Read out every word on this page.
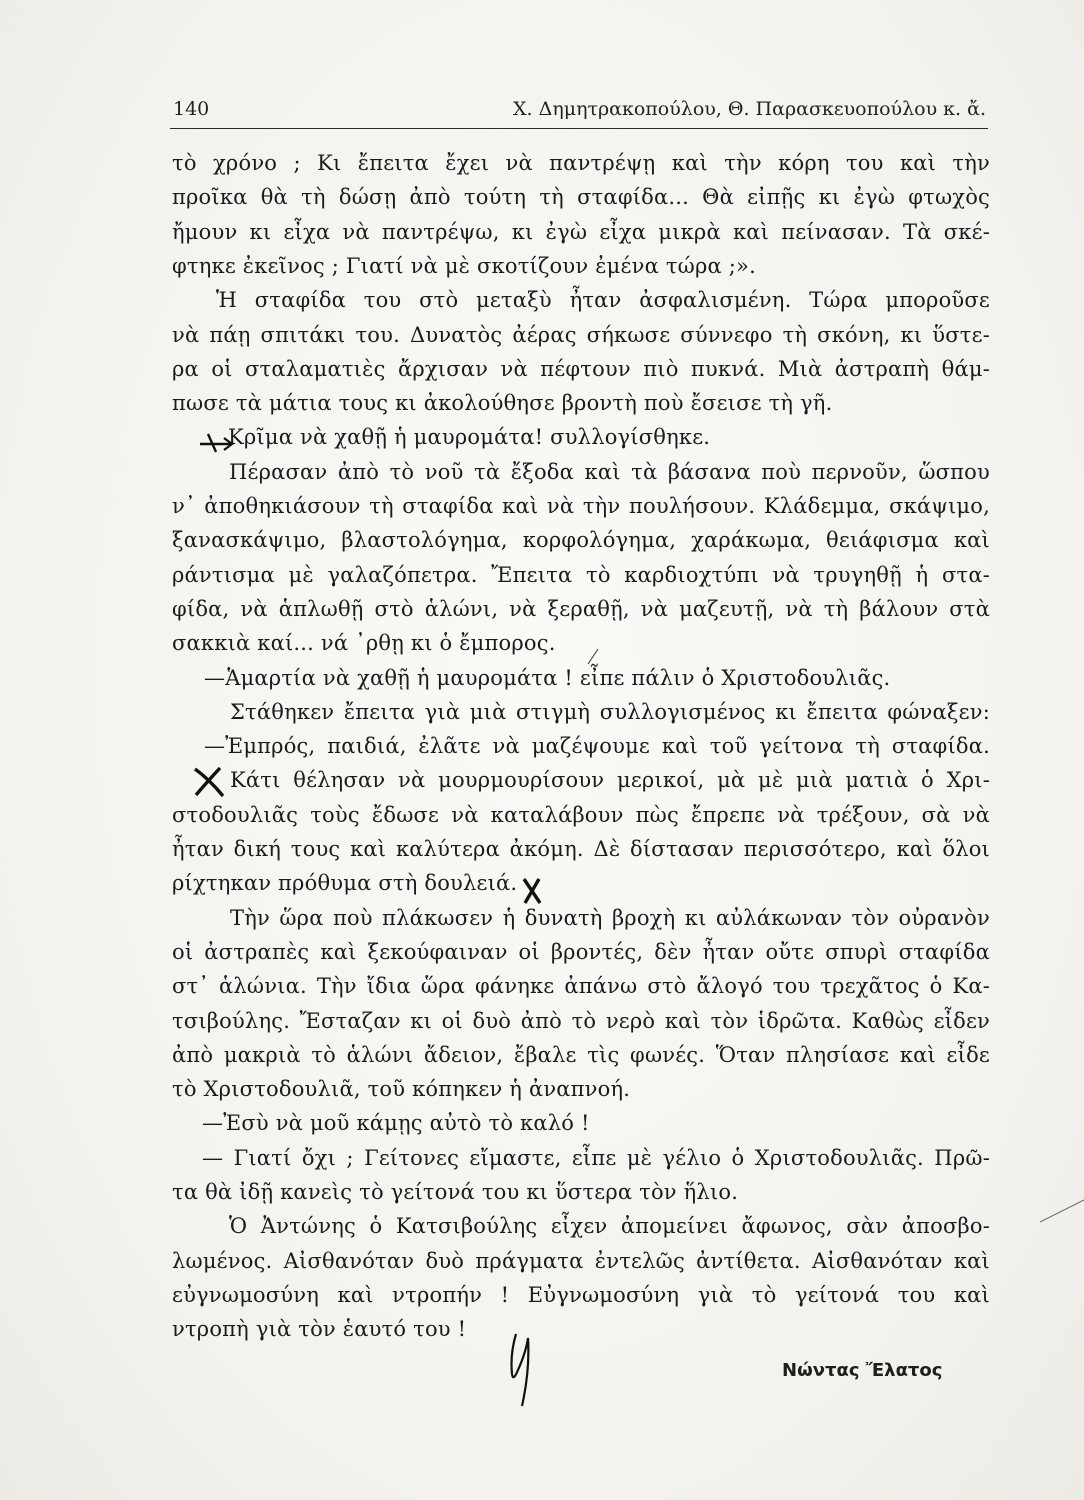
140	Χ. Δημητρακοπούλου, Θ. Παρασκευοπούλου κ. ἄ.
τὸ χρόνο ; Κι ἔπειτα ἔχει νὰ παντρέψῃ καὶ τὴν κόρη του καὶ τὴν
προῖκα θὰ τὴ δώσῃ ἀπὸ τούτη τὴ σταφίδα... Θὰ εἰπῇς κι ἐγὼ φτωχὸς
ἤμουν κι εἶχα νὰ παντρέψω, κι ἐγὼ εἶχα μικρὰ καὶ πείνασαν. Τὰ σκέ-
φτηκε ἐκεῖνος ; Γιατί νὰ μὲ σκοτίζουν ἐμένα τώρα ;».
Ἡ σταφίδα του στὸ μεταξὺ ἦταν ἀσφαλισμένη. Τώρα μποροῦσε
νὰ πάῃ σπιτάκι του. Δυνατὸς ἀέρας σήκωσε σύννεφο τὴ σκόνη, κι ὕστε-
ρα οἱ σταλαματιὲς ἄρχισαν νὰ πέφτουν πιὸ πυκνά. Μιὰ ἀστραπὴ θάμ-
πωσε τὰ μάτια τους κι ἀκολούθησε βροντὴ ποὺ ἔσεισε τὴ γῆ.
Κρῖμα νὰ χαθῇ ἡ μαυρομάτα! συλλογίσθηκε.
Πέρασαν ἀπὸ τὸ νοῦ τὰ ἔξοδα καὶ τὰ βάσανα ποὺ περνοῦν, ὥσπου
ν᾽ ἀποθηκιάσουν τὴ σταφίδα καὶ νὰ τὴν πουλήσουν. Κλάδεμμα, σκάψιμο,
ξανασκάψιμο, βλαστολόγημα, κορφολόγημα, χαράκωμα, θειάφισμα καὶ
ράντισμα μὲ γαλαζόπετρα. Ἔπειτα τὸ καρδιοχτύπι νὰ τρυγηθῇ ἡ στα-
φίδα, νὰ ἁπλωθῇ στὸ ἁλώνι, νὰ ξεραθῇ, νὰ μαζευτῇ, νὰ τὴ βάλουν στὰ
σακκιὰ καί... νά ᾽ρθῃ κι ὁ ἔμπορος.
—Ἁμαρτία νὰ χαθῇ ἡ μαυρομάτα ! εἶπε πάλιν ὁ Χριστοδουλιᾶς.
Στάθηκεν ἔπειτα γιὰ μιὰ στιγμὴ συλλογισμένος κι ἔπειτα φώναξεν:
—Ἐμπρός, παιδιά, ἐλᾶτε νὰ μαζέψουμε καὶ τοῦ γείτονα τὴ σταφίδα.
Κάτι θέλησαν νὰ μουρμουρίσουν μερικοί, μὰ μὲ μιὰ ματιὰ ὁ Χρι-
στοδουλιᾶς τοὺς ἔδωσε νὰ καταλάβουν πὼς ἔπρεπε νὰ τρέξουν, σὰ νὰ
ἦταν δική τους καὶ καλύτερα ἀκόμη. Δὲ δίστασαν περισσότερο, καὶ ὅλοι
ρίχτηκαν πρόθυμα στὴ δουλειά.
Τὴν ὥρα ποὺ πλάκωσεν ἡ δυνατὴ βροχὴ κι αὐλάκωναν τὸν οὐρανὸν
οἱ ἀστραπὲς καὶ ξεκούφαιναν οἱ βροντές, δὲν ἦταν οὔτε σπυρὶ σταφίδα
στ᾽ ἁλώνια. Τὴν ἴδια ὥρα φάνηκε ἀπάνω στὸ ἄλογό του τρεχᾶτος ὁ Κα-
τσιβούλης. Ἔσταζαν κι οἱ δυὸ ἀπὸ τὸ νερὸ καὶ τὸν ἱδρῶτα. Καθὼς εἶδεν
ἀπὸ μακριὰ τὸ ἁλώνι ἄδειον, ἔβαλε τὶς φωνές. Ὅταν πλησίασε καὶ εἶδε
τὸ Χριστοδουλιᾶ, τοῦ κόπηκεν ἡ ἀναπνοή.
—Ἐσὺ νὰ μοῦ κάμῃς αὐτὸ τὸ καλό !
— Γιατί ὄχι ; Γείτονες εἴμαστε, εἶπε μὲ γέλιο ὁ Χριστοδουλιᾶς. Πρῶ-
τα θὰ ἰδῇ κανεὶς τὸ γείτονά του κι ὕστερα τὸν ἥλιο.
Ὁ Ἀντώνης ὁ Κατσιβούλης εἶχεν ἀπομείνει ἄφωνος, σὰν ἀποσβο-
λωμένος. Αἰσθανόταν δυὸ πράγματα ἐντελῶς ἀντίθετα. Αἰσθανόταν καὶ
εὐγνωμοσύνη καὶ ντροπήν ! Εὐγνωμοσύνη γιὰ τὸ γείτονά του καὶ
ντροπὴ γιὰ τὸν ἑαυτό του !
Νώντας Ἔλατος
